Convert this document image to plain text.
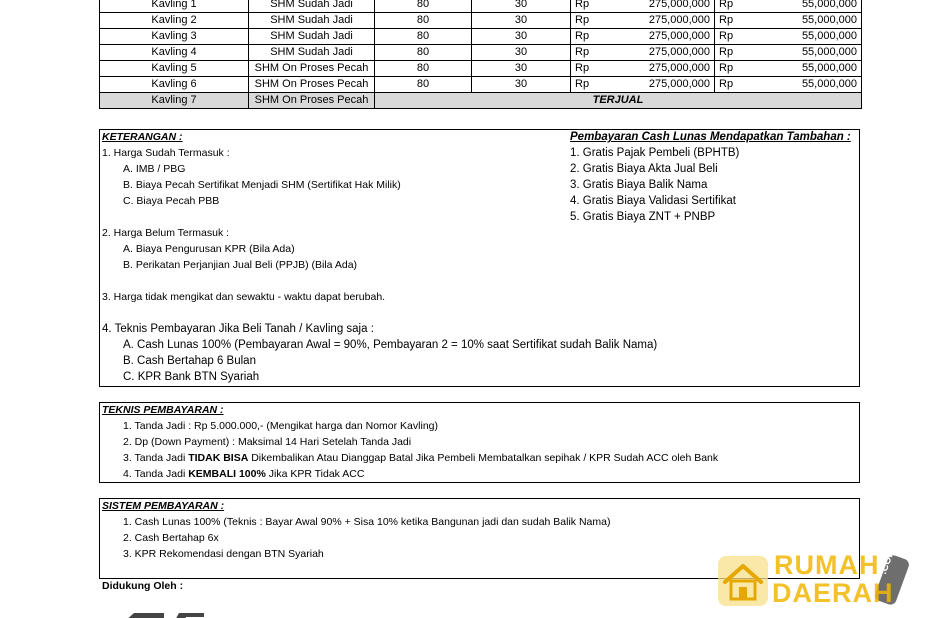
Kavling 1	SHM Sudah Jadi	80	30	Rp 275,000,000	Rp 55,000,000

Kavling 2	SHM Sudah Jadi	80	30	Rp 275,000,000	Rp 55,000,000

Kavling 3	SHM Sudah Jadi	80	30	Rp 275,000,000	Rp 55,000,000

Kavling 4	SHM Sudah Jadi	80	30	Rp 275,000,000	Rp 55,000,000

Kavling 5	SHM On Proses Pecah	80	30	Rp 275,000,000	Rp 55,000,000

Kavling 6	SHM On Proses Pecah	80	30	Rp 275,000,000	Rp 55,000,000

Kavling 7	SHM On Proses Pecah	TERJUAL			
KETERANGAN :
1. Harga Sudah Termasuk :
A. IMB / PBG
B. Biaya Pecah Sertifikat Menjadi SHM (Sertifikat Hak Milik)
C. Biaya Pecah PBB
2. Harga Belum Termasuk :
A. Biaya Pengurusan KPR (Bila Ada)
B. Perikatan Perjanjian Jual Beli (PPJB) (Bila Ada)
3. Harga tidak mengikat dan sewaktu - waktu dapat berubah.
4. Teknis Pembayaran Jika Beli Tanah / Kavling saja :
A. Cash Lunas 100% (Pembayaran Awal = 90%, Pembayaran 2 = 10% saat Sertifikat sudah Balik Nama)
B. Cash Bertahap 6 Bulan
C. KPR Bank BTN Syariah
Pembayaran Cash Lunas Mendapatkan Tambahan :
1. Gratis Pajak Pembeli (BPHTB)
2. Gratis Biaya Akta Jual Beli
3. Gratis Biaya Balik Nama
4. Gratis Biaya Validasi Sertifikat
5. Gratis Biaya ZNT + PNBP
TEKNIS PEMBAYARAN :
1. Tanda Jadi : Rp 5.000.000,- (Mengikat harga dan Nomor Kavling)
2. Dp (Down Payment) : Maksimal 14 Hari Setelah Tanda Jadi
3. Tanda Jadi TIDAK BISA Dikembalikan Atau Dianggap Batal Jika Pembeli Membatalkan sepihak / KPR Sudah ACC oleh Bank
4. Tanda Jadi KEMBALI 100% Jika KPR Tidak ACC
SISTEM PEMBAYARAN :
1. Cash Lunas 100% (Teknis : Bayar Awal 90% + Sisa 10% ketika Bangunan jadi dan sudah Balik Nama)
2. Cash Bertahap 6x
3. KPR Rekomendasi dengan BTN Syariah
Didukung Oleh :
RUMAH
DAERAH
.COM
